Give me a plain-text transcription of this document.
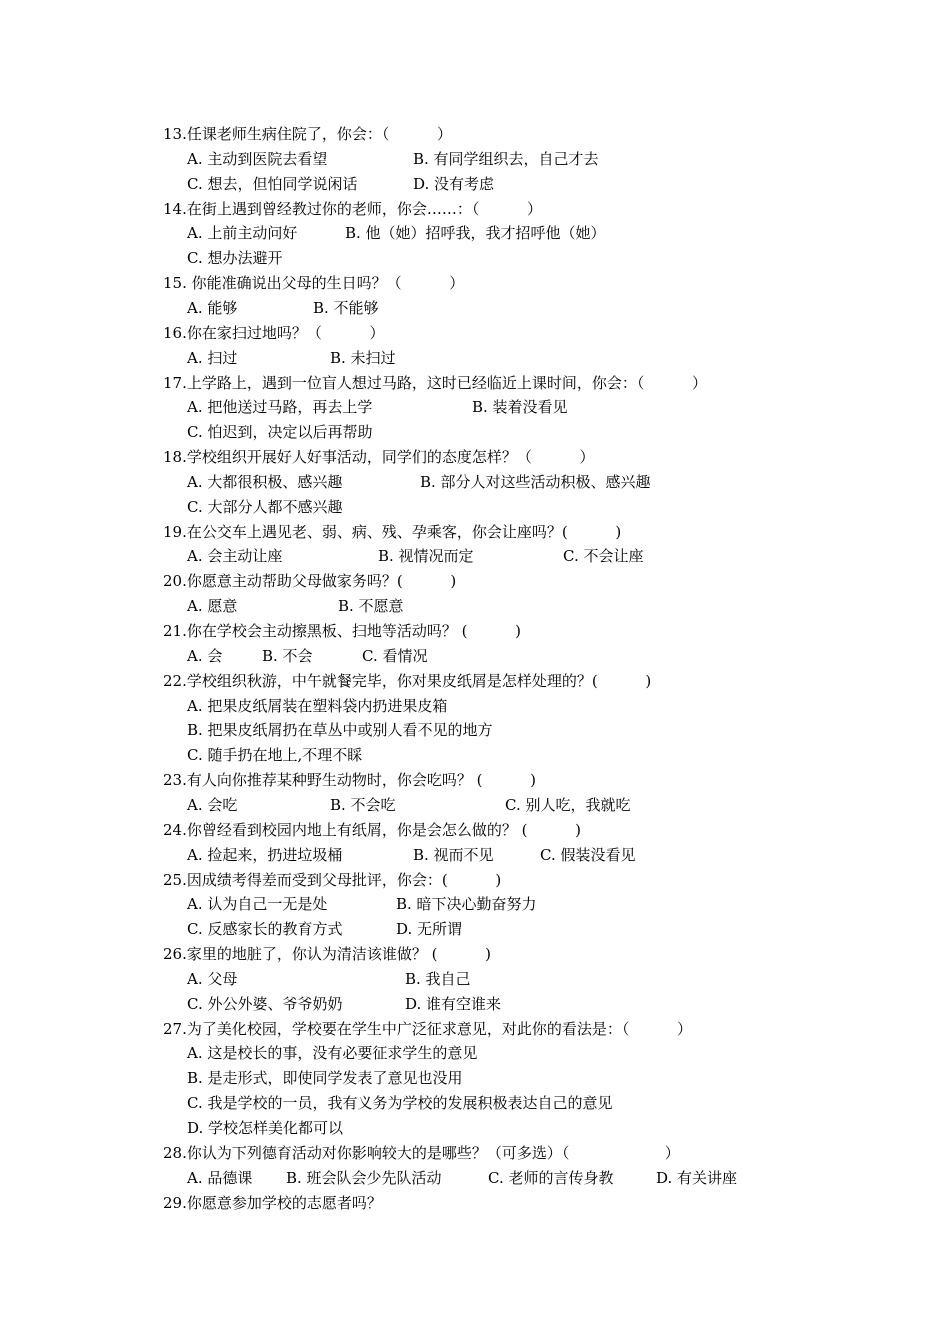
13.任课老师生病住院了，你会：（          ）
A. 主动到医院去看望	B. 有同学组织去，自己才去
C. 想去，但怕同学说闲话	D. 没有考虑
14.在街上遇到曾经教过你的老师，你会……：（          ）
A. 上前主动问好	B. 他（她）招呼我，我才招呼他（她）
C. 想办法避开
15. 你能准确说出父母的生日吗？（          ）
A. 能够	B. 不能够
16.你在家扫过地吗？（          ）
A. 扫过	B. 未扫过
17.上学路上，遇到一位盲人想过马路，这时已经临近上课时间，你会：（          ）
A. 把他送过马路，再去上学	B. 装着没看见
C. 怕迟到，决定以后再帮助
18.学校组织开展好人好事活动，同学们的态度怎样？（          ）
A. 大都很积极、感兴趣	B. 部分人对这些活动积极、感兴趣
C. 大部分人都不感兴趣
19.在公交车上遇见老、弱、病、残、孕乘客，你会让座吗？(          )
A. 会主动让座	B. 视情况而定	C. 不会让座
20.你愿意主动帮助父母做家务吗？(          )
A. 愿意	B. 不愿意
21.你在学校会主动擦黑板、扫地等活动吗？ (          )
A. 会	B. 不会	C. 看情况
22.学校组织秋游，中午就餐完毕，你对果皮纸屑是怎样处理的？(          )
A. 把果皮纸屑装在塑料袋内扔进果皮箱
B. 把果皮纸屑扔在草丛中或别人看不见的地方
C. 随手扔在地上,不理不睬
23.有人向你推荐某种野生动物时，你会吃吗？ (          )
A. 会吃	B. 不会吃	C. 别人吃，我就吃
24.你曾经看到校园内地上有纸屑，你是会怎么做的？ (          )
A. 捡起来，扔进垃圾桶	B. 视而不见	C. 假装没看见
25.因成绩考得差而受到父母批评，你会：(          )
A. 认为自己一无是处	B. 暗下决心勤奋努力
C. 反感家长的教育方式	D. 无所谓
26.家里的地脏了，你认为清洁该谁做？ (          )
A. 父母	B. 我自己
C. 外公外婆、爷爷奶奶	D. 谁有空谁来
27.为了美化校园，学校要在学生中广泛征求意见，对此你的看法是：（          ）
A. 这是校长的事，没有必要征求学生的意见
B. 是走形式，即使同学发表了意见也没用
C. 我是学校的一员，我有义务为学校的发展积极表达自己的意见
D. 学校怎样美化都可以
28.你认为下列德育活动对你影响较大的是哪些？（可多选）（                    ）
A. 品德课 B. 班会队会少先队活动	C. 老师的言传身教	D. 有关讲座
29.你愿意参加学校的志愿者吗？
